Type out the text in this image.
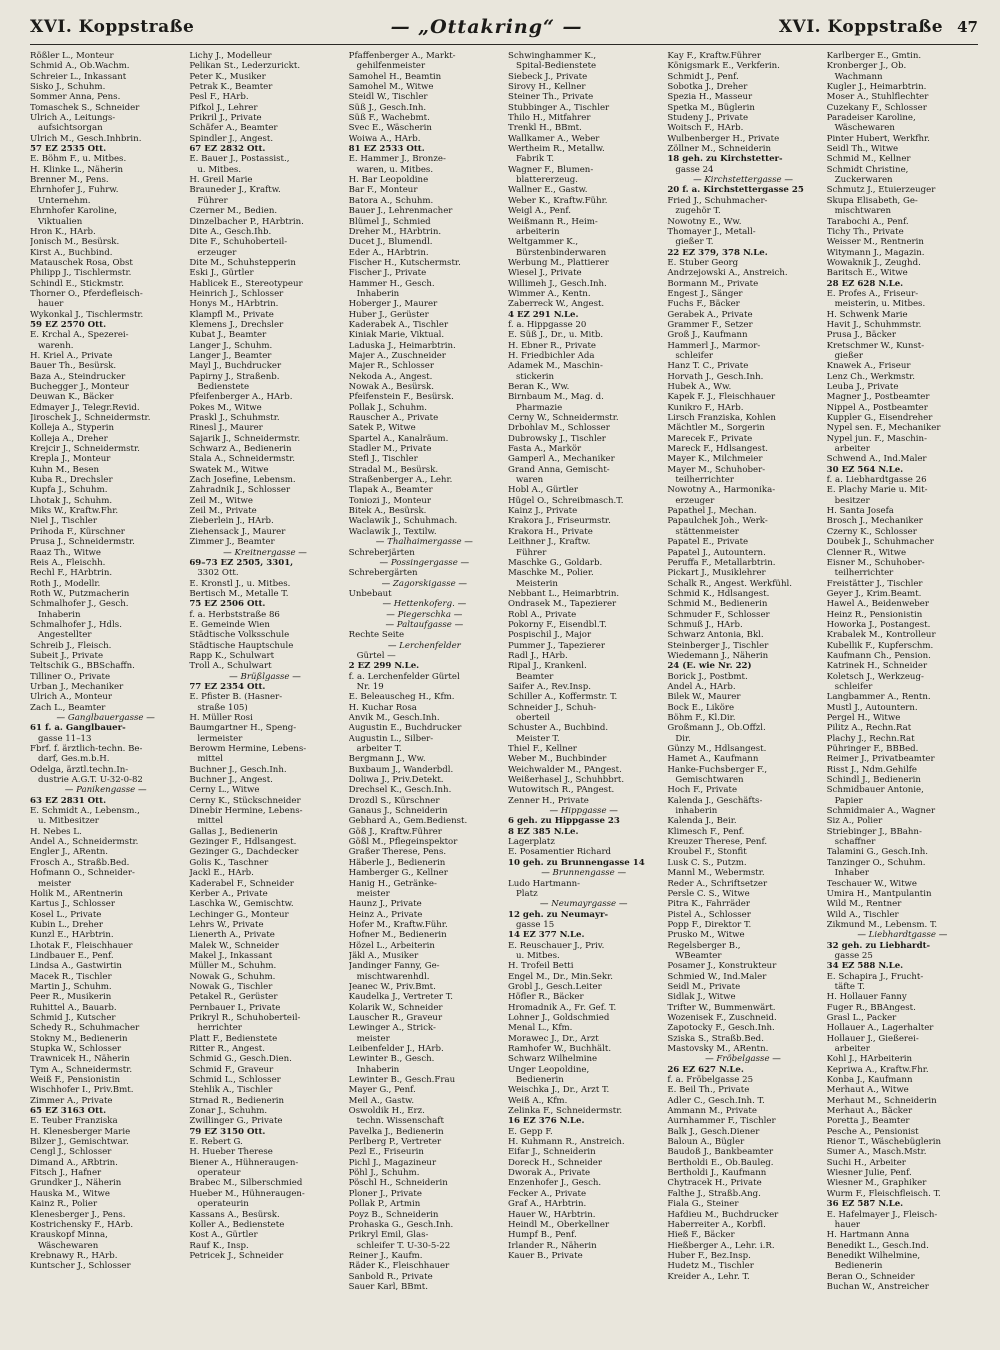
XVI. Koppstraße	— „Ottakring“ —	XVI. Koppstraße 47
Rößler L., Monteur
Schmid A., Ob.Wachm.
Schreier L., Inkassant
Sisko J., Schuhm.
Sommer Anna, Pens.
Tomaschek S., Schneider
Ulrich A., Leitungs-
aufsichtsorgan
Ulrich M., Gesch.Inhbrin.
57 EZ 2535 Ott.
E. Böhm F., u. Mitbes.
H. Klinke L., Näherin
Brenner M., Pens.
Ehrnhofer J., Fuhrw.
Unternehm.
Ehrnhofer Karoline,
Viktualien
Hron K., HArb.
Jonisch M., Besürsk.
Kirst A., Buchbind.
Matauschek Rosa, Obst
Philipp J., Tischlermstr.
Schindl E., Stickmstr.
Thorner O., Pferdefleisch-
hauer
Wykonkal J., Tischlermstr.
59 EZ 2570 Ott.
E. Krchal A., Spezerei-
warenh.
H. Kriel A., Private
Bauer Th., Besürsk.
Baza A., Steindrucker
Buchegger J., Monteur
Deuwan K., Bäcker
Edmayer J., Telegr.Revid.
Jiroschek J., Schneidermstr.
Kolleja A., Styperin
Kolleja A., Dreher
Krejcir J., Schneidermstr.
Krepla J., Monteur
Kuhn M., Besen
Kuba R., Drechsler
Kupfa J., Schuhm.
Lhotak J., Schuhm.
Miks W., Kraftw.Fhr.
Niel J., Tischler
Prihoda F., Kürschner
Prusa J., Schneidermstr.
Raaz Th., Witwe
Reis A., Fleischh.
Rechl F., HArbtrin.
Roth J., Modellr.
Roth W., Putzmacherin
Schmalhofer J., Gesch.
Inhaberin
Schmalhofer J., Hdls.
Angestellter
Schreib J., Fleisch.
Subeit J., Private
Teltschik G., BBSchaffn.
Tilliner O., Private
Urban J., Mechaniker
Ulrich A., Monteur
Zach L., Beamter
— Ganglbauergasse —
61 f. a. Ganglbauer-
gasse 11–13
Fbrf. f. ärztlich-techn. Be-
darf, Ges.m.b.H.
Odelga, ärztl.techn.In-
dustrie A.G.T. U-32-0-82
— Panikengasse —
63 EZ 2831 Ott.
E. Schmidt A., Lebensm.,
u. Mitbesitzer
H. Nebes L.
Andel A., Schneidermstr.
Engler J., ARentn.
Frosch A., Straßb.Bed.
Hofmann O., Schneider-
meister
Holik M., ARentnerin
Kartus J., Schlosser
Kosel L., Private
Kubin L., Dreher
Kunzl E., HArbtrin.
Lhotak F., Fleischhauer
Lindbauer E., Penf.
Lindsa A., Gastwirtin
Macek R., Tischler
Martin J., Schuhm.
Peer R., Musikerin
Ruhittel A., Bauarb.
Schmid J., Kutscher
Schedy R., Schuhmacher
Stokny M., Bedienerin
Stupka W., Schlosser
Trawnicek H., Näherin
Tym A., Schneidermstr.
Weiß F., Pensionistin
Wischhofer I., Priv.Bmt.
Zimmer A., Private
65 EZ 3163 Ott.
E. Teuber Franziska
H. Klenesberger Marie
Bilzer J., Gemischtwar.
Cengl J., Schlosser
Dimand A., ARbtrin.
Fitsch J., Hafner
Grundker J., Näherin
Hauska M., Witwe
Kainz R., Polier
Klenesberger J., Pens.
Kostrichensky F., HArb.
Krauskopf Minna,
Wäschewaren
Krebnawy R., HArb.
Kuntscher J., Schlosser
Lichy J., Modelleur
Pelikan St., Lederzurickt.
Peter K., Musiker
Petrak K., Beamter
Pesl F., HArb.
Pifkol J., Lehrer
Prikril J., Private
Schäfer A., Beamter
Spindler J., Angest.
67 EZ 2832 Ott.
E. Bauer J., Postassist.,
u. Mitbes.
H. Greil Marie
Brauneder J., Kraftw.
Führer
Czerner M., Bedien.
Dinzelbacher P., HArbtrin.
Dite A., Gesch.Ihb.
Dite F., Schuhoberteil-
erzeuger
Dite M., Schuhstepperin
Eski J., Gürtler
Hablicek E., Stereotypeur
Heinrich J., Schlosser
Honys M., HArbtrin.
Klampfl M., Private
Klemens J., Drechsler
Kubat J., Beamter
Langer J., Schuhm.
Langer J., Beamter
Mayl J., Buchdrucker
Papirny J., Straßenb.
Bedienstete
Pfeifenberger A., HArb.
Pokes M., Witwe
Praskl J., Schuhmstr.
Rinesl J., Maurer
Sajarik J., Schneidermstr.
Schwarz A., Bedienerin
Stala A., Schneidermstr.
Swatek M., Witwe
Zach Josefine, Lebensm.
Zahradnik J., Schlosser
Zeil M., Witwe
Zeil M., Private
Zieberlein J., HArb.
Ziehensack J., Maurer
Zimmer J., Beamter
— Kreitnergasse —
69–73 EZ 2505, 3301,
3302 Ott.
E. Kronstl J., u. Mitbes.
Bertisch M., Metalle T.
75 EZ 2506 Ott.
f. a. Herbststraße 86
E. Gemeinde Wien
Städtische Volksschule
Städtische Hauptschule
Rapp K., Schulwart
Troll A., Schulwart
— Brüßlgasse —
77 EZ 2354 Ott.
E. Pfister B. (Hasner-
straße 105)
H. Müller Rosi
Baumgartner H., Speng-
lermeister
Berowm Hermine, Lebens-
mittel
Buchner J., Gesch.Inh.
Buchner J., Angest.
Cerny L., Witwe
Cerny K., Stückschneider
Dinebir Hermine, Lebens-
mittel
Gallas J., Bedienerin
Gezinger F., Hdlsangest.
Gezinger G., Dachdecker
Golis K., Taschner
Jackl E., HArb.
Kaderabel F., Schneider
Kerber A., Private
Laschka W., Gemischtw.
Lechinger G., Monteur
Lehrs W., Private
Lienerth A., Private
Malek W., Schneider
Makel J., Inkassant
Müller M., Schuhm.
Nowak G., Schuhm.
Nowak G., Tischler
Petakel R., Gerüster
Pernbauer I., Private
Prikryl R., Schuhoberteil-
herrichter
Platt F., Bedienstete
Ritter R., Angest.
Schmid G., Gesch.Dien.
Schmid F., Graveur
Schmid L., Schlosser
Stehlik A., Tischler
Strnad R., Bedienerin
Zonar J., Schuhm.
Zwillinger G., Private
79 EZ 3150 Ott.
E. Rebert G.
H. Hueber Therese
Biener A., Hühneraugen-
operateur
Brabec M., Silberschmied
Hueber M., Hühneraugen-
operateurin
Kassans A., Besürsk.
Koller A., Bedienstete
Kost A., Gürtler
Rauf K., Insp.
Petricek J., Schneider
Pfaffenberger A., Markt-
gehilfenmeister
Samohel H., Beamtin
Samohel M., Witwe
Steidl W., Tischler
Süß J., Gesch.Inh.
Süß F., Wachebmt.
Svec E., Wäscherin
Woiwa A., HArb.
81 EZ 2533 Ott.
E. Hammer J., Bronze-
waren, u. Mitbes.
H. Bar Leopoldine
Bar F., Monteur
Batora A., Schuhm.
Bauer J., Lehrenmacher
Blümel J., Schmied
Dreher M., HArbtrin.
Ducet J., Blumendl.
Eder A., HArbtrin.
Fischer H., Kutschermstr.
Fischer J., Private
Hammer H., Gesch.
Inhaberin
Hoberger J., Maurer
Huber J., Gerüster
Kaderabek A., Tischler
Kiniak Marie, Viktual.
Laduska J., Heimarbtrin.
Majer A., Zuschneider
Majer R., Schlosser
Nekoda A., Angest.
Nowak A., Besürsk.
Pfeifenstein F., Besürsk.
Pollak J., Schuhm.
Rauscher A., Private
Satek P., Witwe
Spartel A., Kanalräum.
Stadler M., Private
Stefl J., Tischler
Stradal M., Besürsk.
Straßenberger A., Lehr.
Tlapak A., Beamter
Toniozi J., Monteur
Bitek A., Besürsk.
Waclawik J., Schuhmach.
Waclawik J., Textilw.
— Thalhaimergasse —
Schreberjärten
— Possingergasse —
Schrebergärten
— Zagorskigasse —
Unbebaut
— Hettenkoferg. —
— Piegerschka —
— Paltaufgasse —
Rechte Seite
— Lerchenfelder
Gürtel —
2 EZ 299 N.Le.
f. a. Lerchenfelder Gürtel
Nr. 19
E. Beleauscheg H., Kfm.
H. Kuchar Rosa
Anvik M., Gesch.Inh.
Augustin E., Buchdrucker
Augustin L., Silber-
arbeiter T.
Bergmann J., Ww.
Buxbaum J., Wanderbdl.
Doliwa J., Priv.Detekt.
Drechsel K., Gesch.Inh.
Drozdl S., Kürschner
Ganaus J., Schneiderin
Gebhard A., Gem.Bedienst.
Göß J., Kraftw.Führer
Gößl M., Pflegeinspektor
Graßer Therese, Pens.
Häberle J., Bedienerin
Hamberger G., Kellner
Hanig H., Getränke-
meister
Haunz J., Private
Heinz A., Private
Hofer M., Kraftw.Führ.
Hofner M., Bedienerin
Hözel L., Arbeiterin
Jäkl A., Musiker
Jandinger Fanny, Ge-
mischtwarenhdl.
Jeanec W., Priv.Bmt.
Kaudelka J., Vertreter T.
Kolarik W., Schneider
Lauscher R., Graveur
Lewinger A., Strick-
meister
Leibenfelder J., HArb.
Lewinter B., Gesch.
Inhaberin
Lewinter B., Gesch.Frau
Mayer G., Penf.
Meil A., Gastw.
Oswoldik H., Erz.
techn. Wissenschaft
Pavelka J., Bedienerin
Perlberg P., Vertreter
Pezl E., Friseurin
Pichl J., Magazineur
Pöhl J., Schuhm.
Pöschl H., Schneiderin
Ploner J., Private
Pollak P., Artmin
Poyz B., Schneiderin
Prohaska G., Gesch.Inh.
Prikryl Emil, Glas-
schleifer T. U-30-5-22
Reiner J., Kaufm.
Räder K., Fleischhauer
Sanbold R., Private
Sauer Karl, BBmt.
Schwinghammer K.,
Spital-Bedienstete
Siebeck J., Private
Sirovy H., Kellner
Steiner Th., Private
Stubbinger A., Tischler
Thilo H., Mitfahrer
Trenkl H., BBmt.
Wallkamer A., Weber
Wertheim R., Metallw.
Fabrik T.
Wagner F., Blumen-
blattererzeug.
Wallner E., Gastw.
Weber K., Kraftw.Führ.
Weigl A., Penf.
Weißmann R., Heim-
arbeiterin
Weltgammer K.,
Bürstenbinderwaren
Werbung M., Plattierer
Wiesel J., Private
Willimeh J., Gesch.Inh.
Wimmer A., Kentn.
Zaberreck W., Angest.
4 EZ 291 N.Le.
f. a. Hippgasse 20
E. Süß J., Dr., u. Mitb.
H. Ebner R., Private
H. Friedbichler Ada
Adamek M., Maschin-
stickerin
Beran K., Ww.
Birnbaum M., Mag. d.
Pharmazie
Cerny W., Schneidermstr.
Drbohlav M., Schlosser
Dubrowsky J., Tischler
Fasta A., Markör
Gamperl A., Mechaniker
Grand Anna, Gemischt-
waren
Hobl A., Gürtler
Hügel O., Schreibmasch.T.
Kainz J., Private
Krakora J., Friseurmstr.
Krakora H., Private
Leithner J., Kraftw.
Führer
Maschke G., Goldarb.
Maschke M., Polier.
Meisterin
Nebbant L., Heimarbtrin.
Ondrasek M., Tapezierer
Robl A., Private
Pokorny F., Eisendbl.T.
Pospischil J., Major
Pummer J., Tapezierer
Radl J., HArb.
Ripal J., Krankenl.
Beamter
Saifer A., Rev.Insp.
Schiller A., Koffermstr. T.
Schneider J., Schuh-
oberteil
Schuster A., Buchbind.
Meister T.
Thiel F., Kellner
Weber M., Buchbinder
Weichwalder M., PAngest.
Weißerhasel J., Schuhbbrt.
Wutowitsch R., PAngest.
Zenner H., Private
— Hippgasse —
6 geh. zu Hippgasse 23
8 EZ 385 N.Le.
Lagerplatz
E. Posamentier Richard
10 geh. zu Brunnengasse 14
— Brunnengasse —
Ludo Hartmann-
Platz
— Neumayrgasse —
12 geh. zu Neumayr-
gasse 15
14 EZ 377 N.Le.
E. Reuschauer J., Priv.
u. Mitbes.
H. Trofeil Betti
Engel M., Dr., Min.Sekr.
Grobl J., Gesch.Leiter
Höfler R., Bäcker
Hromadnik A., Fr. Gef. T.
Lohner J., Goldschmied
Menal L., Kfm.
Morawec J., Dr., Arzt
Ramhofer W., Buchhält.
Schwarz Wilhelmine
Unger Leopoldine,
Bedienerin
Weischka J., Dr., Arzt T.
Weiß A., Kfm.
Zelinka F., Schneidermstr.
16 EZ 376 N.Le.
E. Gepp F.
H. Kuhmann R., Anstreich.
Eifar J., Schneiderin
Doreck H., Schneider
Dworak A., Private
Enzenhofer J., Gesch.
Fecker A., Private
Graf A., HArbtrin.
Hauer W., HArbtrin.
Heindl M., Oberkellner
Humpf B., Penf.
Irlander R., Näherin
Kauer B., Private
Kay F., Kraftw.Führer
Königsmark E., Verkferin.
Schmidt J., Penf.
Sobotka J., Dreher
Spezia H., Masseur
Spetka M., Büglerin
Studeny J., Private
Woitsch F., HArb.
Wulbenberger H., Private
Zöllner M., Schneiderin
18 geh. zu Kirchstetter-
gasse 24
— Kirchstettergasse —
20 f. a. Kirchstettergasse 25
Fried J., Schuhmacher-
zugehör T.
Nowotny E., Ww.
Thomayer J., Metall-
gießer T.
22 EZ 379, 378 N.Le.
E. Stuber Georg
Andrzejowski A., Anstreich.
Bormann M., Private
Engest J., Sänger
Fuchs F., Bäcker
Gerabek A., Private
Grammer F., Setzer
Groß J., Kaufmann
Hammerl J., Marmor-
schleifer
Hanz T. C., Private
Horvath J., Gesch.Inh.
Hubek A., Ww.
Kapek F. J., Fleischhauer
Kunikro F., HArb.
Lirsch Franziska, Kohlen
Mächtler M., Sorgerin
Marecek F., Private
Mareck F., Hdlsangest.
Mayer K., Milchmeier
Mayer M., Schuhober-
teilherrichter
Nowotny A., Harmonika-
erzeuger
Papathel J., Mechan.
Papaulchek Joh., Werk-
stättenmeister
Papatel E., Private
Papatel J., Autountern.
Peruffa F., Metallarbtrin.
Pickart J., Musiklehrer
Schalk R., Angest. Werkfühl.
Schmid K., Hdlsangest.
Schmid M., Bedienerin
Schmuder F., Schlosser
Schmuß J., HArb.
Schwarz Antonia, Bkl.
Steinberger J., Tischler
Wiedemann J., Näherin
24 (E. wie Nr. 22)
Borick J., Postbmt.
Andel A., HArb.
Bilek W., Maurer
Bock E., Liköre
Böhm F., Kl.Dir.
Großmann J., Ob.Offzl.
Dir.
Günzy M., Hdlsangest.
Hamet A., Kaufmann
Hanke-Fuchsberger F.,
Gemischtwaren
Hoch F., Private
Kalenda J., Geschäfts-
inhaberin
Kalenda J., Beir.
Klimesch F., Penf.
Kreuzer Therese, Penf.
Kroubel F., Stonfit
Lusk C. S., Putzm.
Mannl M., Webermstr.
Reder A., Schriftsetzer
Persle C. S., Witwe
Pitra K., Fahrräder
Pistel A., Schlosser
Popp F., Direktor T.
Prusko M., Witwe
Regelsberger B.,
WBeamter
Posamer J., Konstrukteur
Schmied W., Ind.Maler
Seidl M., Private
Sidlak J., Witwe
Trifter W., Bummenwärt.
Wozenisek F., Zuschneid.
Zapotocky F., Gesch.Inh.
Sziska S., Straßb.Bed.
Mastovsky M., ARentn.
— Fröbelgasse —
26 EZ 627 N.Le.
f. a. Fröbelgasse 25
E. Beil Th., Private
Adler C., Gesch.Inh. T.
Ammann M., Private
Aurnhammer F., Tischler
Balk J., Gesch.Diener
Baloun A., Bügler
Baudoß J., Bankbeamter
Bertholdi E., Ob.Bauleg.
Bertholdi J., Kaufmann
Chytracek H., Private
Falthe J., Straßb.Ang.
Fiala G., Steiner
Hafdieu M., Buchdrucker
Haberreiter A., Korbfl.
Hieß F., Bäcker
Hießberger A., Lehr. i.R.
Huber F., Bez.Insp.
Hudetz M., Tischler
Kreider A., Lehr. T.
Karlberger E., Gmtin.
Kronberger J., Ob.
Wachmann
Kugler J., Heimarbtrin.
Moser A., Stuhlflechter
Cuzekany F., Schlosser
Paradeiser Karoline,
Wäschewaren
Pinter Hubert, Werkfhr.
Seidl Th., Witwe
Schmid M., Kellner
Schmidt Christine,
Zuckerwaren
Schmutz J., Etuierzeuger
Skupa Elisabeth, Ge-
mischtwaren
Tarabochi A., Penf.
Tichy Th., Private
Weisser M., Rentnerin
Witymann J., Magazin.
Wowaknik J., Zeughd.
Baritsch E., Witwe
28 EZ 628 N.Le.
E. Profes A., Friseur-
meisterin, u. Mitbes.
H. Schwenk Marie
Havit J., Schuhmmstr.
Prusa J., Bäcker
Kretschmer W., Kunst-
gießer
Knawek A., Friseur
Lenz Ch., Werkmstr.
Leuba J., Private
Magner J., Postbeamter
Nippel A., Postbeamter
Kuppler G., Eisendreher
Nypel sen. F., Mechaniker
Nypel jun. F., Maschin-
arbeiter
Schwend A., Ind.Maler
30 EZ 564 N.Le.
f. a. Liebhardtgasse 26
E. Plachy Marie u. Mit-
besitzer
H. Santa Josefa
Brosch J., Mechaniker
Czerny K., Schlosser
Doubek J., Schuhmacher
Clenner R., Witwe
Eisner M., Schuhober-
teilherrichter
Freistätter J., Tischler
Geyer J., Krim.Beamt.
Hawel A., Beidenweber
Heinz R., Pensionistin
Howorka J., Postangest.
Krabalek M., Kontrolleur
Kubellik F., Kupferschm.
Kaufmann Ch., Pension.
Katrinek H., Schneider
Koletsch J., Werkzeug-
schleifer
Langbammer A., Rentn.
Mustl J., Autountern.
Pergel H., Witwe
Pilitz A., Rechn.Rat
Plachy J., Rechn.Rat
Pühringer F., BBBed.
Reimer J., Privatbeamter
Risst J., Ndm.Gehilfe
Schindl J., Bedienerin
Schmidbauer Antonie,
Papier
Schmidmaier A., Wagner
Siz A., Polier
Striebinger J., BBahn-
schaffner
Talamini G., Gesch.Inh.
Tanzinger O., Schuhm.
Inhaber
Teschauer W., Witwe
Umira H., Mantpulantin
Wild M., Rentner
Wild A., Tischler
Zikmund M., Lebensm. T.
— Liebhardtgasse —
32 geh. zu Liebhardt-
gasse 25
34 EZ 588 N.Le.
E. Schapira J., Frucht-
täfte T.
H. Hollauer Fanny
Fuger R., BBAngest.
Grasl L., Packer
Hollauer A., Lagerhalter
Hollauer J., Gießerei-
arbeiter
Kohl J., HArbeiterin
Kepriwa A., Kraftw.Fhr.
Konba J., Kaufmann
Merhaut A., Witwe
Merhaut M., Schneiderin
Merhaut A., Bäcker
Poretta J., Beamter
Pesche A., Pensionist
Rienor T., Wäschebüglerin
Sumer A., Masch.Mstr.
Suchi H., Arbeiter
Wiesner Julie, Penf.
Wiesner M., Graphiker
Wurm F., Fleischfleisch. T.
36 EZ 587 N.Le.
E. Hafelmayer J., Fleisch-
hauer
H. Hartmann Anna
Benedikt L., Gesch.Ind.
Benedikt Wilhelmine,
Bedienerin
Beran O., Schneider
Buchan W., Anstreicher
